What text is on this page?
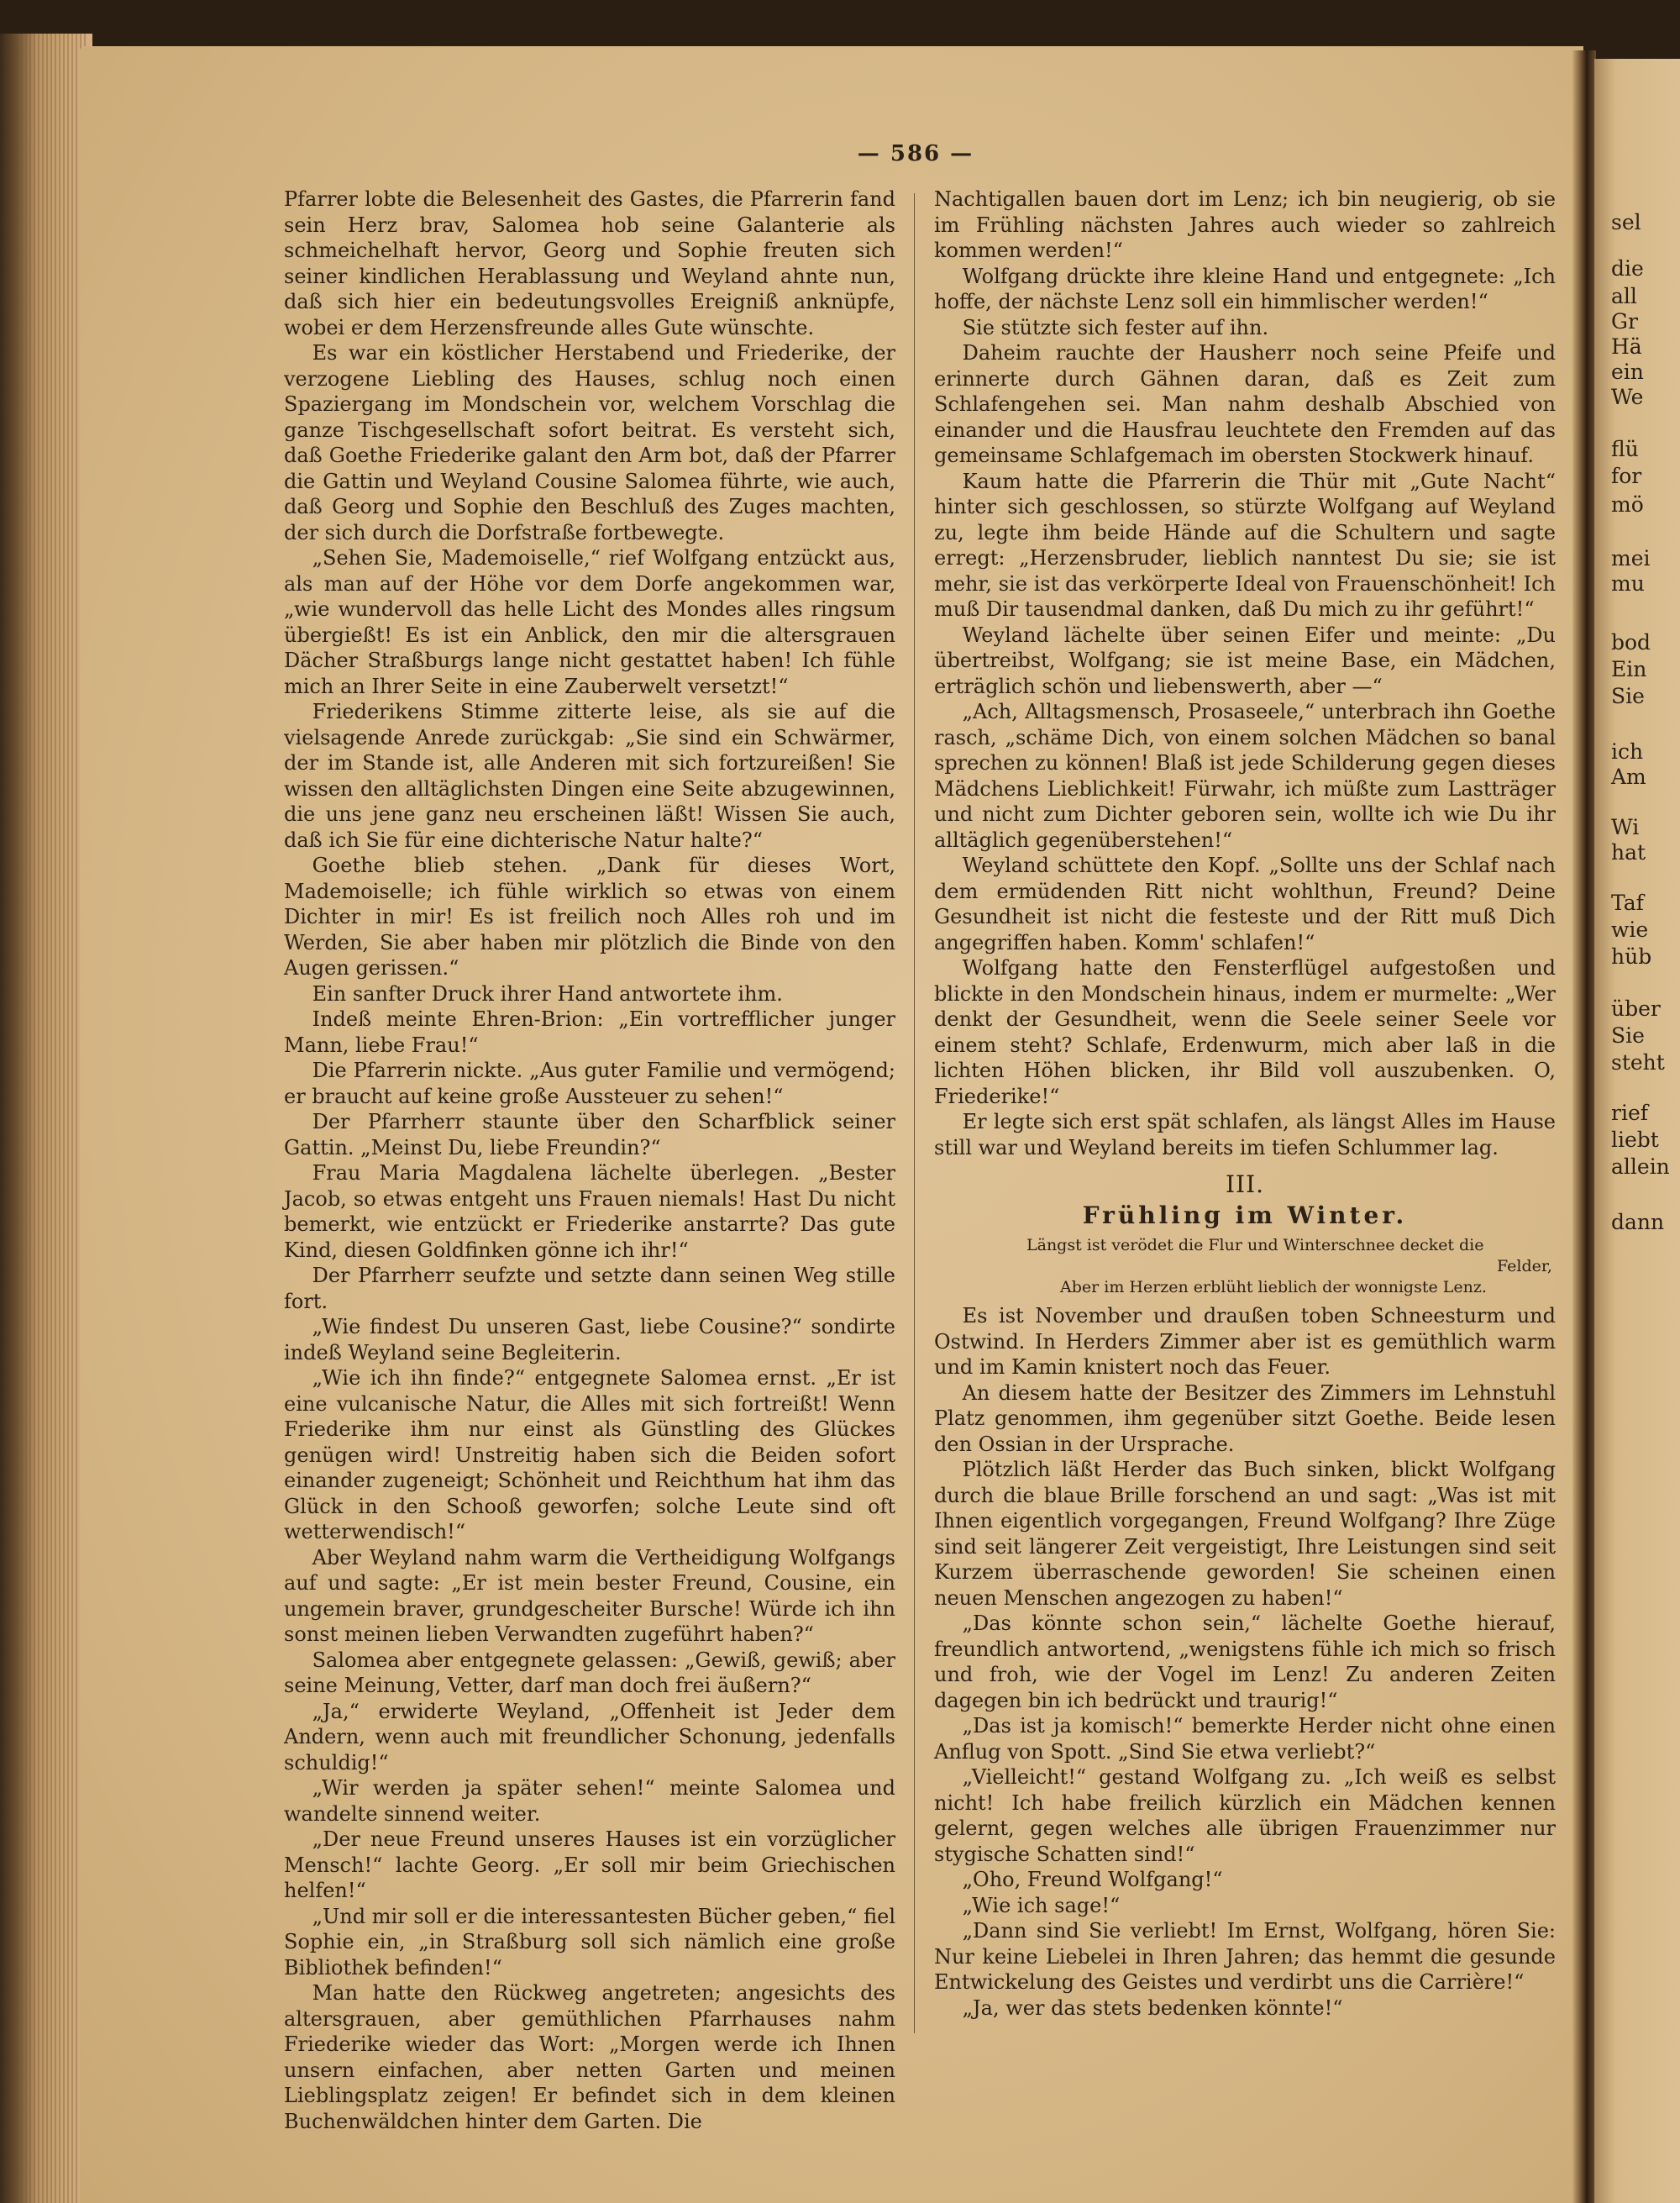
sel
die
all
Gr
Hä
ein
We
flü
for
mö
mei
mu
bod
Ein
Sie
ich
Am
Wi
hat
Taf
wie
hüb
über
Sie
steht
rief
liebt
allein
dann
— 586 —

Pfarrer lobte die Belesenheit des Gastes, die Pfarrerin fand sein Herz brav, Salomea hob seine Galanterie als schmeichelhaft hervor, Georg und Sophie freuten sich seiner kindlichen Herablassung und Weyland ahnte nun, daß sich hier ein bedeutungsvolles Ereigniß anknüpfe, wobei er dem Herzensfreunde alles Gute wünschte.

Es war ein köstlicher Herstabend und Friederike, der verzogene Liebling des Hauses, schlug noch einen Spaziergang im Mondschein vor, welchem Vorschlag die ganze Tischgesellschaft sofort beitrat. Es versteht sich, daß Goethe Friederike galant den Arm bot, daß der Pfarrer die Gattin und Weyland Cousine Salomea führte, wie auch, daß Georg und Sophie den Beschluß des Zuges machten, der sich durch die Dorfstraße fortbewegte.

„Sehen Sie, Mademoiselle,“ rief Wolfgang entzückt aus, als man auf der Höhe vor dem Dorfe angekommen war, „wie wundervoll das helle Licht des Mondes alles ringsum übergießt! Es ist ein Anblick, den mir die altersgrauen Dächer Straßburgs lange nicht gestattet haben! Ich fühle mich an Ihrer Seite in eine Zauberwelt versetzt!“

Friederikens Stimme zitterte leise, als sie auf die vielsagende Anrede zurückgab: „Sie sind ein Schwärmer, der im Stande ist, alle Anderen mit sich fortzureißen! Sie wissen den alltäglichsten Dingen eine Seite abzugewinnen, die uns jene ganz neu erscheinen läßt! Wissen Sie auch, daß ich Sie für eine dichterische Natur halte?“

Goethe blieb stehen. „Dank für dieses Wort, Mademoiselle; ich fühle wirklich so etwas von einem Dichter in mir! Es ist freilich noch Alles roh und im Werden, Sie aber haben mir plötzlich die Binde von den Augen gerissen.“

Ein sanfter Druck ihrer Hand antwortete ihm.

Indeß meinte Ehren-Brion: „Ein vortrefflicher junger Mann, liebe Frau!“

Die Pfarrerin nickte. „Aus guter Familie und vermögend; er braucht auf keine große Aussteuer zu sehen!“

Der Pfarrherr staunte über den Scharfblick seiner Gattin. „Meinst Du, liebe Freundin?“

Frau Maria Magdalena lächelte überlegen. „Bester Jacob, so etwas entgeht uns Frauen niemals! Hast Du nicht bemerkt, wie entzückt er Friederike anstarrte? Das gute Kind, diesen Goldfinken gönne ich ihr!“

Der Pfarrherr seufzte und setzte dann seinen Weg stille fort.

„Wie findest Du unseren Gast, liebe Cousine?“ sondirte indeß Weyland seine Begleiterin.

„Wie ich ihn finde?“ entgegnete Salomea ernst. „Er ist eine vulcanische Natur, die Alles mit sich fortreißt! Wenn Friederike ihm nur einst als Günstling des Glückes genügen wird! Unstreitig haben sich die Beiden sofort einander zugeneigt; Schönheit und Reichthum hat ihm das Glück in den Schooß geworfen; solche Leute sind oft wetterwendisch!“

Aber Weyland nahm warm die Vertheidigung Wolfgangs auf und sagte: „Er ist mein bester Freund, Cousine, ein ungemein braver, grundgescheiter Bursche! Würde ich ihn sonst meinen lieben Verwandten zugeführt haben?“

Salomea aber entgegnete gelassen: „Gewiß, gewiß; aber seine Meinung, Vetter, darf man doch frei äußern?“

„Ja,“ erwiderte Weyland, „Offenheit ist Jeder dem Andern, wenn auch mit freundlicher Schonung, jedenfalls schuldig!“

„Wir werden ja später sehen!“ meinte Salomea und wandelte sinnend weiter.

„Der neue Freund unseres Hauses ist ein vorzüglicher Mensch!“ lachte Georg. „Er soll mir beim Griechischen helfen!“

„Und mir soll er die interessantesten Bücher geben,“ fiel Sophie ein, „in Straßburg soll sich nämlich eine große Bibliothek befinden!“

Man hatte den Rückweg angetreten; angesichts des altersgrauen, aber gemüthlichen Pfarrhauses nahm Friederike wieder das Wort: „Morgen werde ich Ihnen unsern einfachen, aber netten Garten und meinen Lieblingsplatz zeigen! Er befindet sich in dem kleinen Buchenwäldchen hinter dem Garten. Die

Nachtigallen bauen dort im Lenz; ich bin neugierig, ob sie im Frühling nächsten Jahres auch wieder so zahlreich kommen werden!“

Wolfgang drückte ihre kleine Hand und entgegnete: „Ich hoffe, der nächste Lenz soll ein himmlischer werden!“

Sie stützte sich fester auf ihn.

Daheim rauchte der Hausherr noch seine Pfeife und erinnerte durch Gähnen daran, daß es Zeit zum Schlafengehen sei. Man nahm deshalb Abschied von einander und die Hausfrau leuchtete den Fremden auf das gemeinsame Schlafgemach im obersten Stockwerk hinauf.

Kaum hatte die Pfarrerin die Thür mit „Gute Nacht“ hinter sich geschlossen, so stürzte Wolfgang auf Weyland zu, legte ihm beide Hände auf die Schultern und sagte erregt: „Herzensbruder, lieblich nanntest Du sie; sie ist mehr, sie ist das verkörperte Ideal von Frauenschönheit! Ich muß Dir tausendmal danken, daß Du mich zu ihr geführt!“

Weyland lächelte über seinen Eifer und meinte: „Du übertreibst, Wolfgang; sie ist meine Base, ein Mädchen, erträglich schön und liebenswerth, aber —“

„Ach, Alltagsmensch, Prosaseele,“ unterbrach ihn Goethe rasch, „schäme Dich, von einem solchen Mädchen so banal sprechen zu können! Blaß ist jede Schilderung gegen dieses Mädchens Lieblichkeit! Fürwahr, ich müßte zum Lastträger und nicht zum Dichter geboren sein, wollte ich wie Du ihr alltäglich gegenüberstehen!“

Weyland schüttete den Kopf. „Sollte uns der Schlaf nach dem ermüdenden Ritt nicht wohlthun, Freund? Deine Gesundheit ist nicht die festeste und der Ritt muß Dich angegriffen haben. Komm' schlafen!“

Wolfgang hatte den Fensterflügel aufgestoßen und blickte in den Mondschein hinaus, indem er murmelte: „Wer denkt der Gesundheit, wenn die Seele seiner Seele vor einem steht? Schlafe, Erdenwurm, mich aber laß in die lichten Höhen blicken, ihr Bild voll auszubenken. O, Friederike!“

Er legte sich erst spät schlafen, als längst Alles im Hause still war und Weyland bereits im tiefen Schlummer lag.

III.
Frühling im Winter.
Längst ist verödet die Flur und Winterschnee decket die
Felder,
Aber im Herzen erblüht lieblich der wonnigste Lenz.

Es ist November und draußen toben Schneesturm und Ostwind. In Herders Zimmer aber ist es gemüthlich warm und im Kamin knistert noch das Feuer.

An diesem hatte der Besitzer des Zimmers im Lehnstuhl Platz genommen, ihm gegenüber sitzt Goethe. Beide lesen den Ossian in der Ursprache.

Plötzlich läßt Herder das Buch sinken, blickt Wolfgang durch die blaue Brille forschend an und sagt: „Was ist mit Ihnen eigentlich vorgegangen, Freund Wolfgang? Ihre Züge sind seit längerer Zeit vergeistigt, Ihre Leistungen sind seit Kurzem überraschende geworden! Sie scheinen einen neuen Menschen angezogen zu haben!“

„Das könnte schon sein,“ lächelte Goethe hierauf, freundlich antwortend, „wenigstens fühle ich mich so frisch und froh, wie der Vogel im Lenz! Zu anderen Zeiten dagegen bin ich bedrückt und traurig!“

„Das ist ja komisch!“ bemerkte Herder nicht ohne einen Anflug von Spott. „Sind Sie etwa verliebt?“

„Vielleicht!“ gestand Wolfgang zu. „Ich weiß es selbst nicht! Ich habe freilich kürzlich ein Mädchen kennen gelernt, gegen welches alle übrigen Frauenzimmer nur stygische Schatten sind!“

„Oho, Freund Wolfgang!“

„Wie ich sage!“

„Dann sind Sie verliebt! Im Ernst, Wolfgang, hören Sie: Nur keine Liebelei in Ihren Jahren; das hemmt die gesunde Entwickelung des Geistes und verdirbt uns die Carrière!“

„Ja, wer das stets bedenken könnte!“
